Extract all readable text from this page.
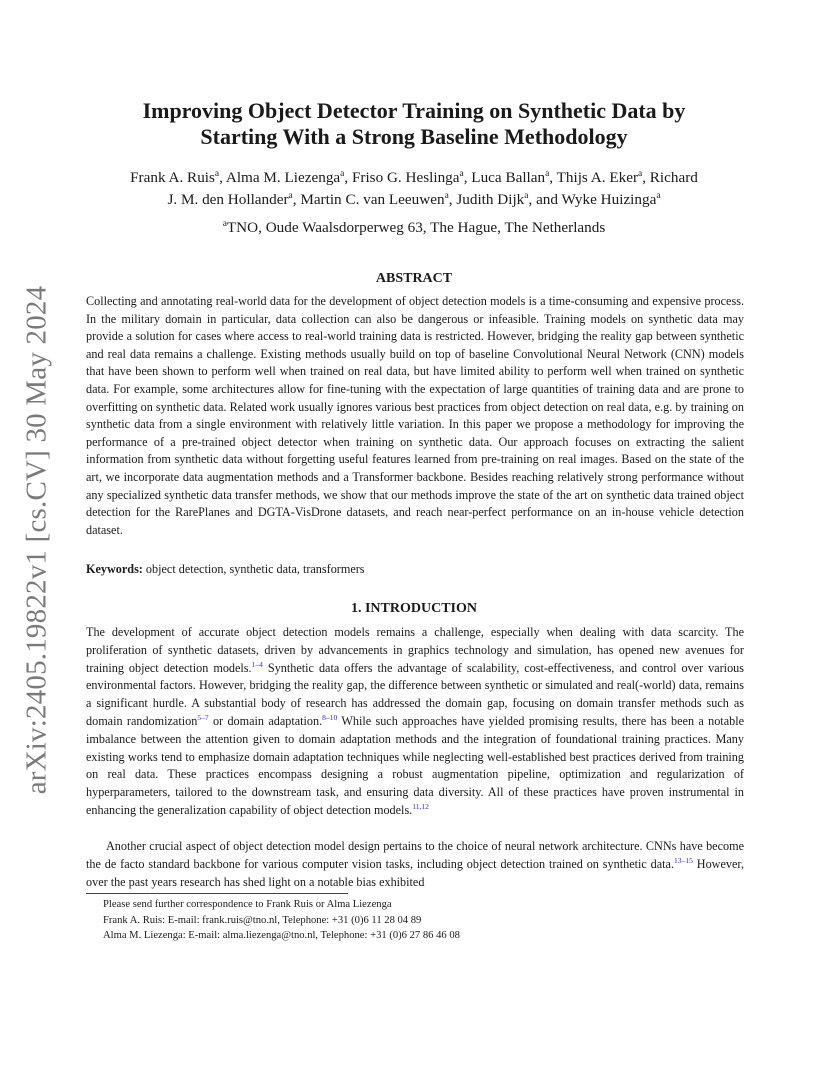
arXiv:2405.19822v1 [cs.CV] 30 May 2024
Improving Object Detector Training on Synthetic Data by
Starting With a Strong Baseline Methodology
Frank A. Ruis$^a$, Alma M. Liezenga$^a$, Friso G. Heslinga$^a$, Luca Ballan$^a$, Thijs A. Eker$^a$, Richard
J. M. den Hollander$^a$, Martin C. van Leeuwen$^a$, Judith Dijk$^a$, and Wyke Huizinga$^a$
$^a$TNO, Oude Waalsdorperweg 63, The Hague, The Netherlands
ABSTRACT

Collecting and annotating real-world data for the development of object detection models is a time-consuming and expensive process. In the military domain in particular, data collection can also be dangerous or infeasible. Training models on synthetic data may provide a solution for cases where access to real-world training data is restricted. However, bridging the reality gap between synthetic and real data remains a challenge. Existing methods usually build on top of baseline Convolutional Neural Network (CNN) models that have been shown to perform well when trained on real data, but have limited ability to perform well when trained on synthetic data. For example, some architectures allow for fine-tuning with the expectation of large quantities of training data and are prone to overfitting on synthetic data. Related work usually ignores various best practices from object detection on real data, e.g. by training on synthetic data from a single environment with relatively little variation. In this paper we propose a methodology for improving the performance of a pre-trained object detector when training on synthetic data. Our approach focuses on extracting the salient information from synthetic data without forgetting useful features learned from pre-training on real images. Based on the state of the art, we incorporate data augmentation methods and a Transformer backbone. Besides reaching relatively strong performance without any specialized synthetic data transfer methods, we show that our methods improve the state of the art on synthetic data trained object detection for the RarePlanes and DGTA-VisDrone datasets, and reach near-perfect performance on an in-house vehicle detection dataset.

Keywords: object detection, synthetic data, transformers

1. INTRODUCTION

The development of accurate object detection models remains a challenge, especially when dealing with data scarcity. The proliferation of synthetic datasets, driven by advancements in graphics technology and simulation, has opened new avenues for training object detection models.$^{1-4}$ Synthetic data offers the advantage of scalability, cost-effectiveness, and control over various environmental factors. However, bridging the reality gap, the difference between synthetic or simulated and real(-world) data, remains a significant hurdle. A substantial body of research has addressed the domain gap, focusing on domain transfer methods such as domain randomization$^{5-7}$ or domain adaptation.$^{8-10}$ While such approaches have yielded promising results, there has been a notable imbalance between the attention given to domain adaptation methods and the integration of foundational training practices. Many existing works tend to emphasize domain adaptation techniques while neglecting well-established best practices derived from training on real data. These practices encompass designing a robust augmentation pipeline, optimization and regularization of hyperparameters, tailored to the downstream task, and ensuring data diversity. All of these practices have proven instrumental in enhancing the generalization capability of object detection models.$^{11,12}$

Another crucial aspect of object detection model design pertains to the choice of neural network architecture. CNNs have become the de facto standard backbone for various computer vision tasks, including object detection trained on synthetic data.$^{13-15}$ However, over the past years research has shed light on a notable bias exhibited

Please send further correspondence to Frank Ruis or Alma Liezenga
Frank A. Ruis: E-mail: frank.ruis@tno.nl, Telephone: +31 (0)6 11 28 04 89
Alma M. Liezenga: E-mail: alma.liezenga@tno.nl, Telephone: +31 (0)6 27 86 46 08
